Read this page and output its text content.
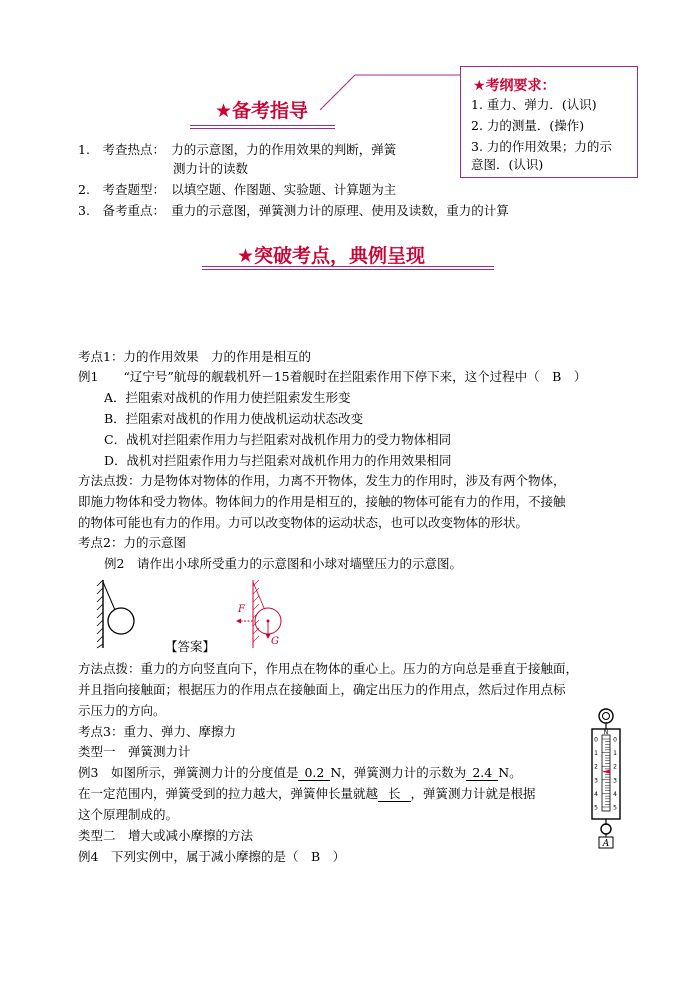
★考纲要求：
1. 重力、弹力．(认识)
2. 力的测量．(操作)
3. 力的作用效果；力的示
意图．(认识)
★备考指导
1.　 考查热点：　 力的示意图，力的作用效果的判断，弹簧
测力计的读数
2.　 考查题型：　 以填空题、作图题、实验题、计算题为主
3.　 备考重点：　 重力的示意图，弹簧测力计的原理、使用及读数，重力的计算
★突破考点，典例呈现
考点1：力的作用效果　力的作用是相互的
例1　　“辽宁号”航母的舰载机歼－15着舰时在拦阻索作用下停下来，这个过程中（　B　）
A．拦阻索对战机的作用力使拦阻索发生形变
B．拦阻索对战机的作用力使战机运动状态改变
C．战机对拦阻索作用力与拦阻索对战机作用力的受力物体相同
D．战机对拦阻索作用力与拦阻索对战机作用力的作用效果相同
方法点拨：力是物体对物体的作用，力离不开物体，发生力的作用时，涉及有两个物体，
即施力物体和受力物体。物体间力的作用是相互的，接触的物体可能有力的作用，不接触
的物体可能也有力的作用。力可以改变物体的运动状态，也可以改变物体的形状。
考点2：力的示意图
例2　请作出小球所受重力的示意图和小球对墙壁压力的示意图。
F
G
【答案】
方法点拨：重力的方向竖直向下，作用点在物体的重心上。压力的方向总是垂直于接触面，
并且指向接触面；根据压力的作用点在接触面上，确定出压力的作用点，然后过作用点标
示压力的方向。
考点3：重力、弹力、摩擦力
类型一　弹簧测力计
例3　如图所示，弹簧测力计的分度值是 0.2 N，弹簧测力计的示数为 2.4 N。
在一定范围内，弹簧受到的拉力越大，弹簧伸长量就越 长 ，弹簧测力计就是根据
这个原理制成的。
类型二　增大或减小摩擦的方法
例4　下列实例中，属于减小摩擦的是（　B　）
0	0
1	1
2	2
3	3
4	4
5	5
A
N
